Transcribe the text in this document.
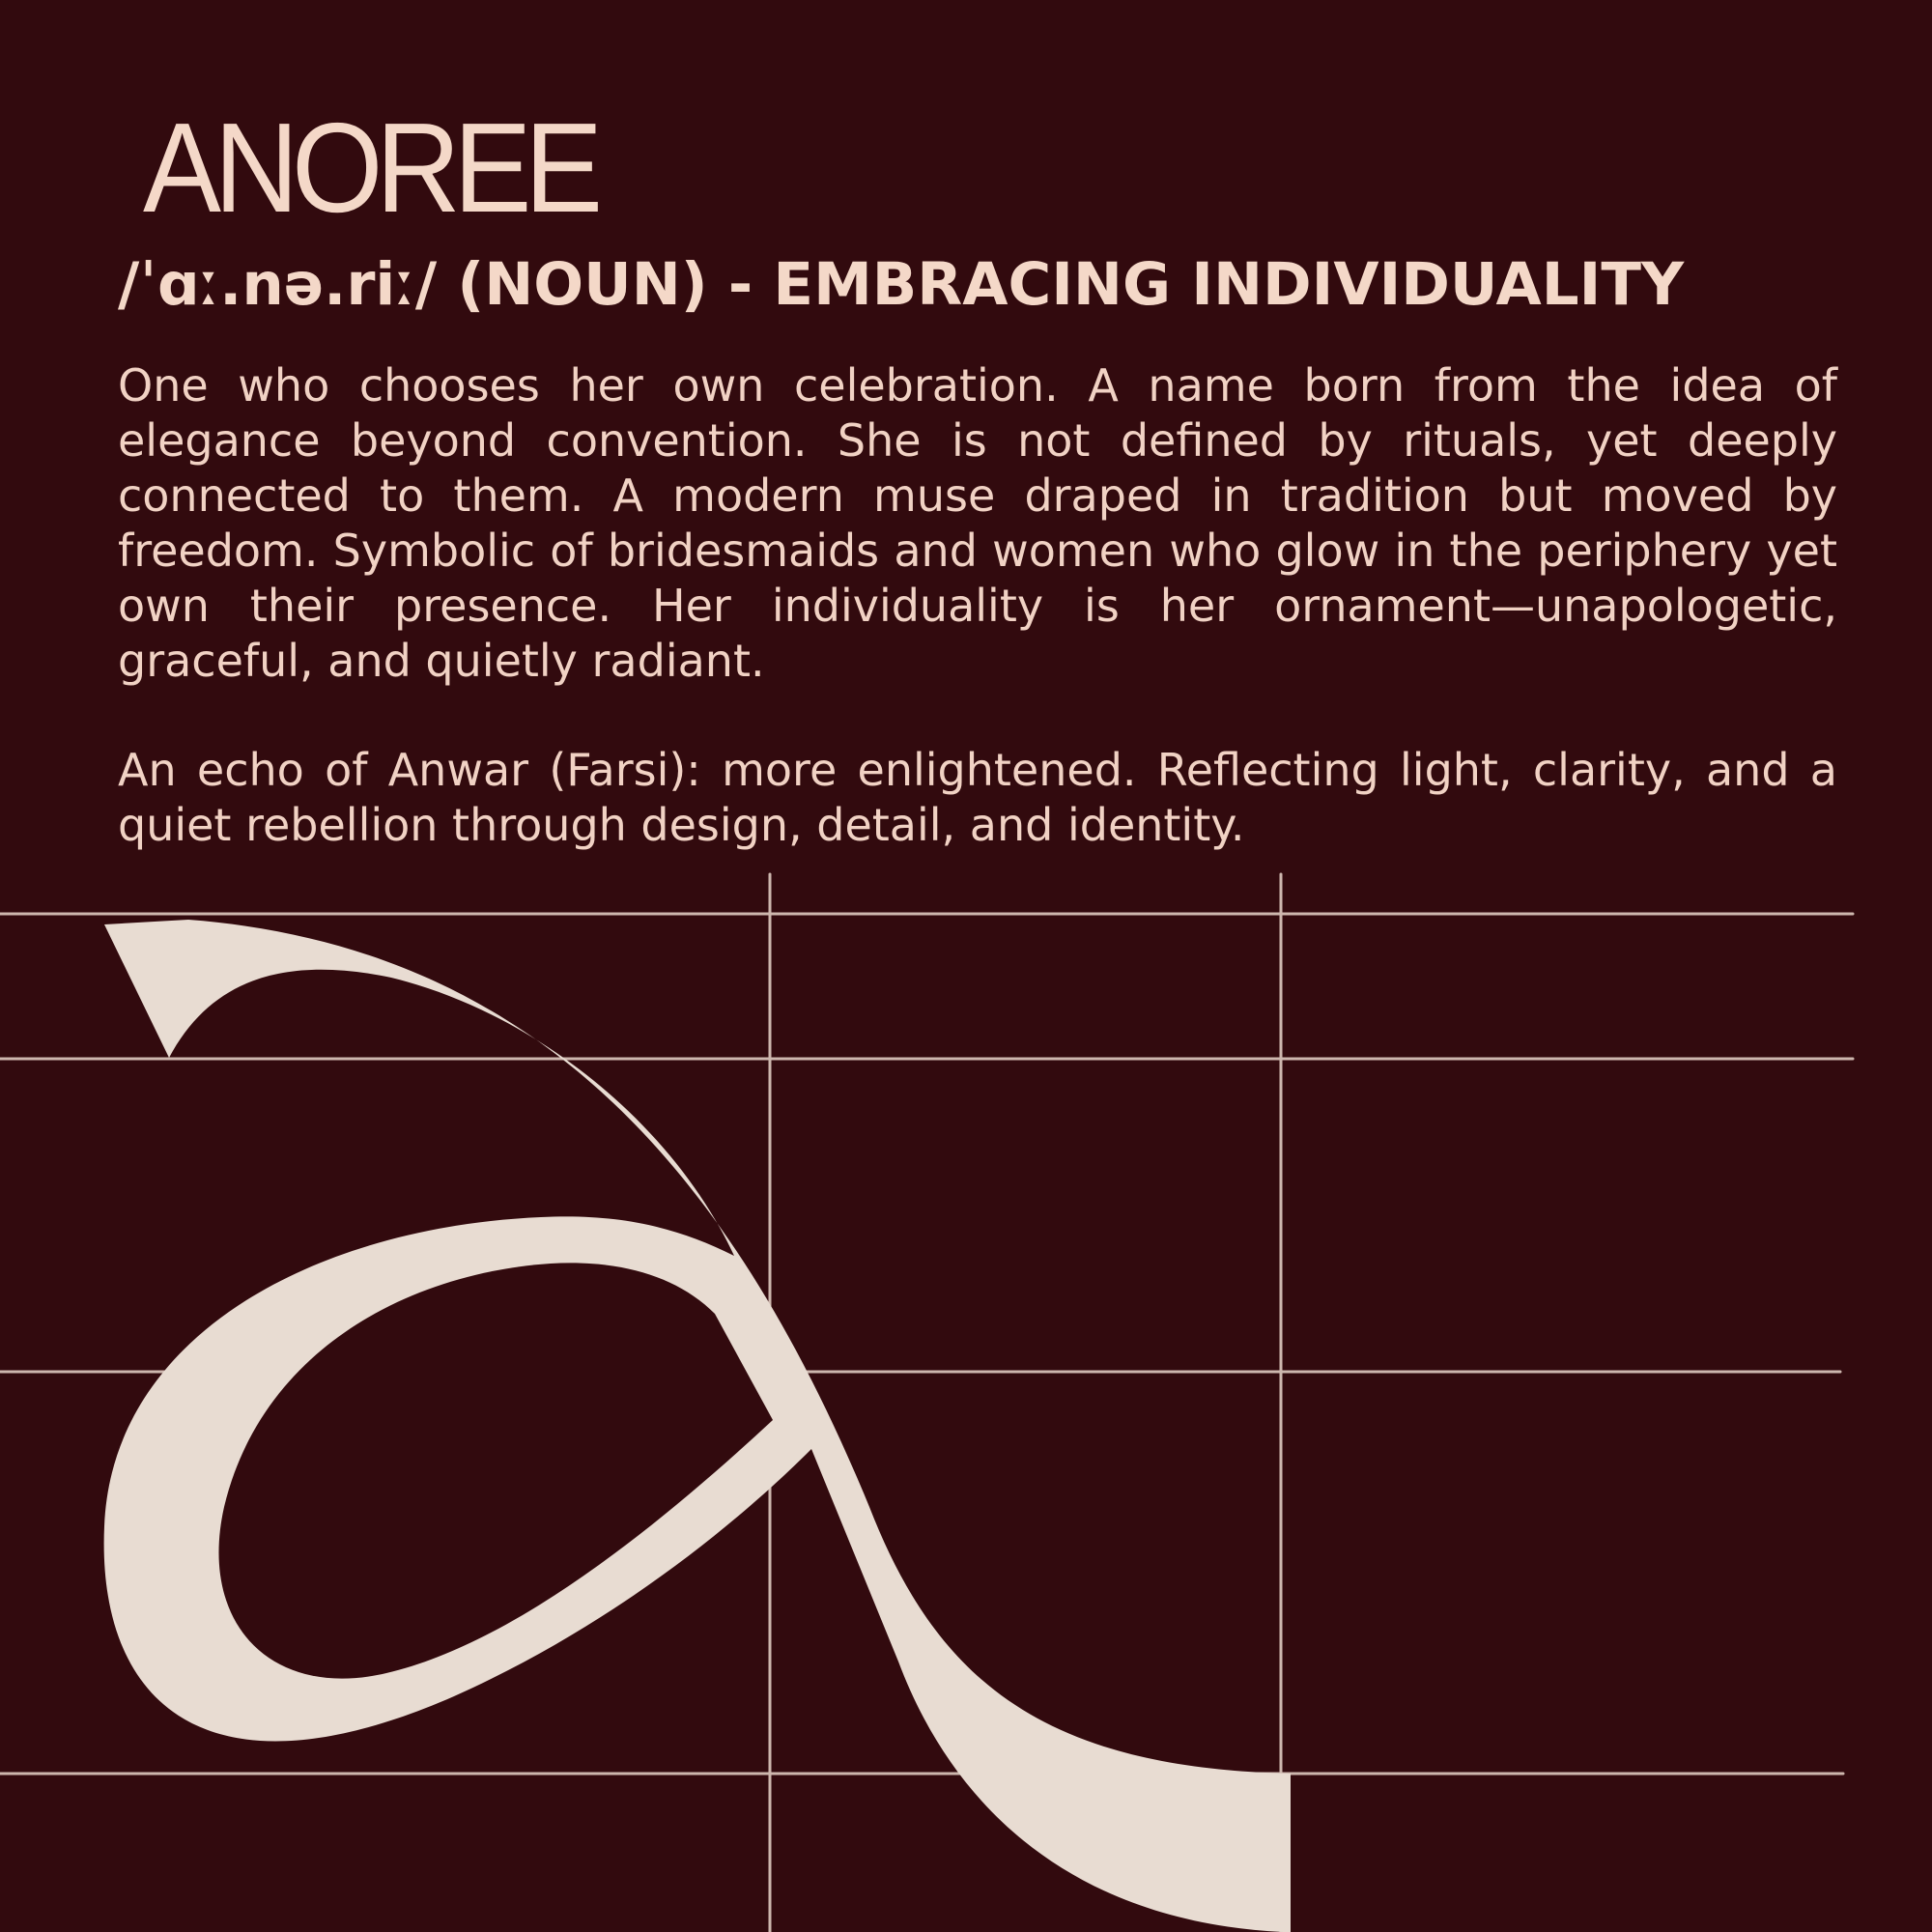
ANOREE
/ˈɑː.nə.riː/ (NOUN) - EMBRACING INDIVIDUALITY

One who chooses her own celebration. A name born from the idea of elegance beyond convention. She is not defined by rituals, yet deeply connected to them. A modern muse draped in tradition but moved by freedom. Symbolic of bridesmaids and women who glow in the periphery yet own their presence. Her individuality is her ornament—unapologetic, graceful, and quietly radiant.

An echo of Anwar (Farsi): more enlightened. Reflecting light, clarity, and a quiet rebellion through design, detail, and identity.
